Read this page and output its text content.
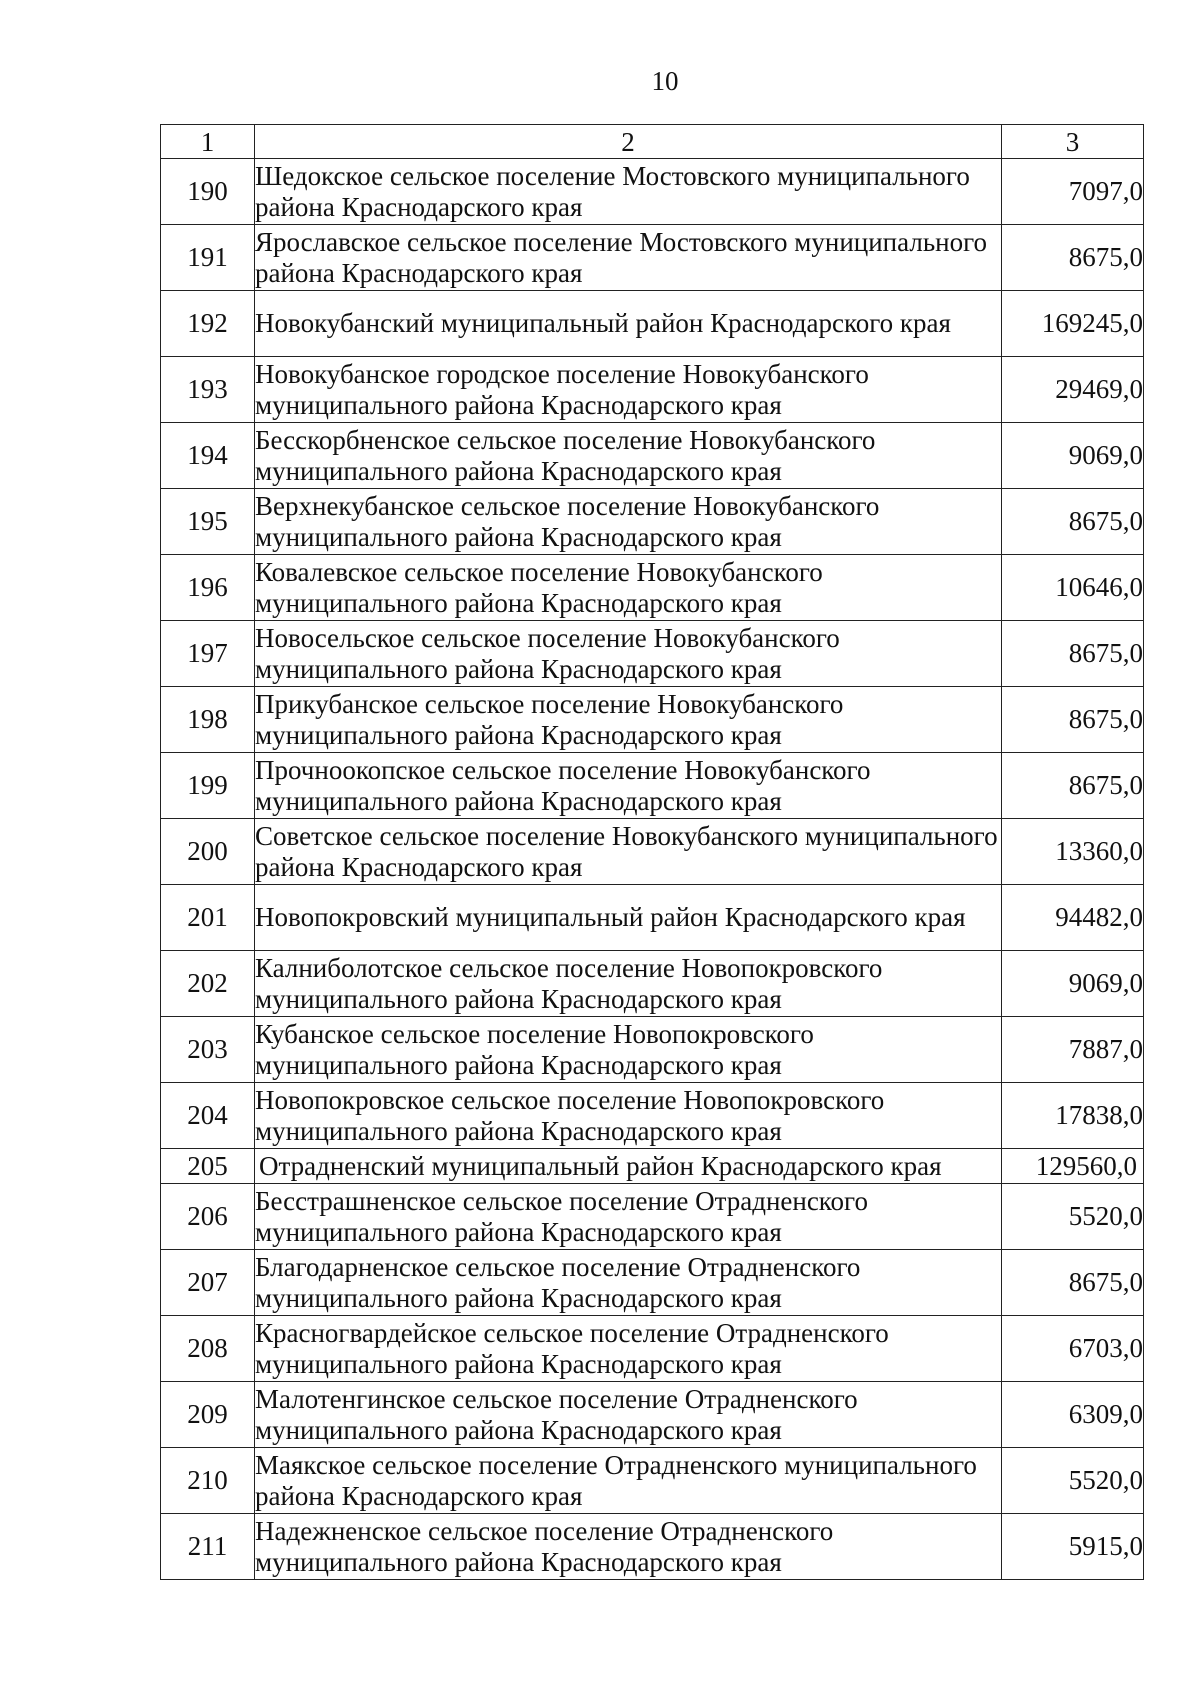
10
1	2	3
190	Шедокское сельское поселение Мостовского муниципального района Краснодарского края	7097,0
191	Ярославское сельское поселение Мостовского муниципального района Краснодарского края	8675,0
192	Новокубанский муниципальный район Краснодарского края	169245,0
193	Новокубанское городское поселение Новокубанского муниципального района Краснодарского края	29469,0
194	Бесскорбненское сельское поселение Новокубанского муниципального района Краснодарского края	9069,0
195	Верхнекубанское сельское поселение Новокубанского муниципального района Краснодарского края	8675,0
196	Ковалевское сельское поселение Новокубанского муниципального района Краснодарского края	10646,0
197	Новосельское сельское поселение Новокубанского муниципального района Краснодарского края	8675,0
198	Прикубанское сельское поселение Новокубанского муниципального района Краснодарского края	8675,0
199	Прочноокопское сельское поселение Новокубанского муниципального района Краснодарского края	8675,0
200	Советское сельское поселение Новокубанского муниципального района Краснодарского края	13360,0
201	Новопокровский муниципальный район Краснодарского края	94482,0
202	Калниболотское сельское поселение Новопокровского муниципального района Краснодарского края	9069,0
203	Кубанское сельское поселение Новопокровского муниципального района Краснодарского края	7887,0
204	Новопокровское сельское поселение Новопокровского муниципального района Краснодарского края	17838,0
205	Отрадненский муниципальный район Краснодарского края	129560,0
206	Бесстрашненское сельское поселение Отрадненского муниципального района Краснодарского края	5520,0
207	Благодарненское сельское поселение Отрадненского муниципального района Краснодарского края	8675,0
208	Красногвардейское сельское поселение Отрадненского муниципального района Краснодарского края	6703,0
209	Малотенгинское сельское поселение Отрадненского муниципального района Краснодарского края	6309,0
210	Маякское сельское поселение Отрадненского муниципального района Краснодарского края	5520,0
211	Надежненское сельское поселение Отрадненского муниципального района Краснодарского края	5915,0
